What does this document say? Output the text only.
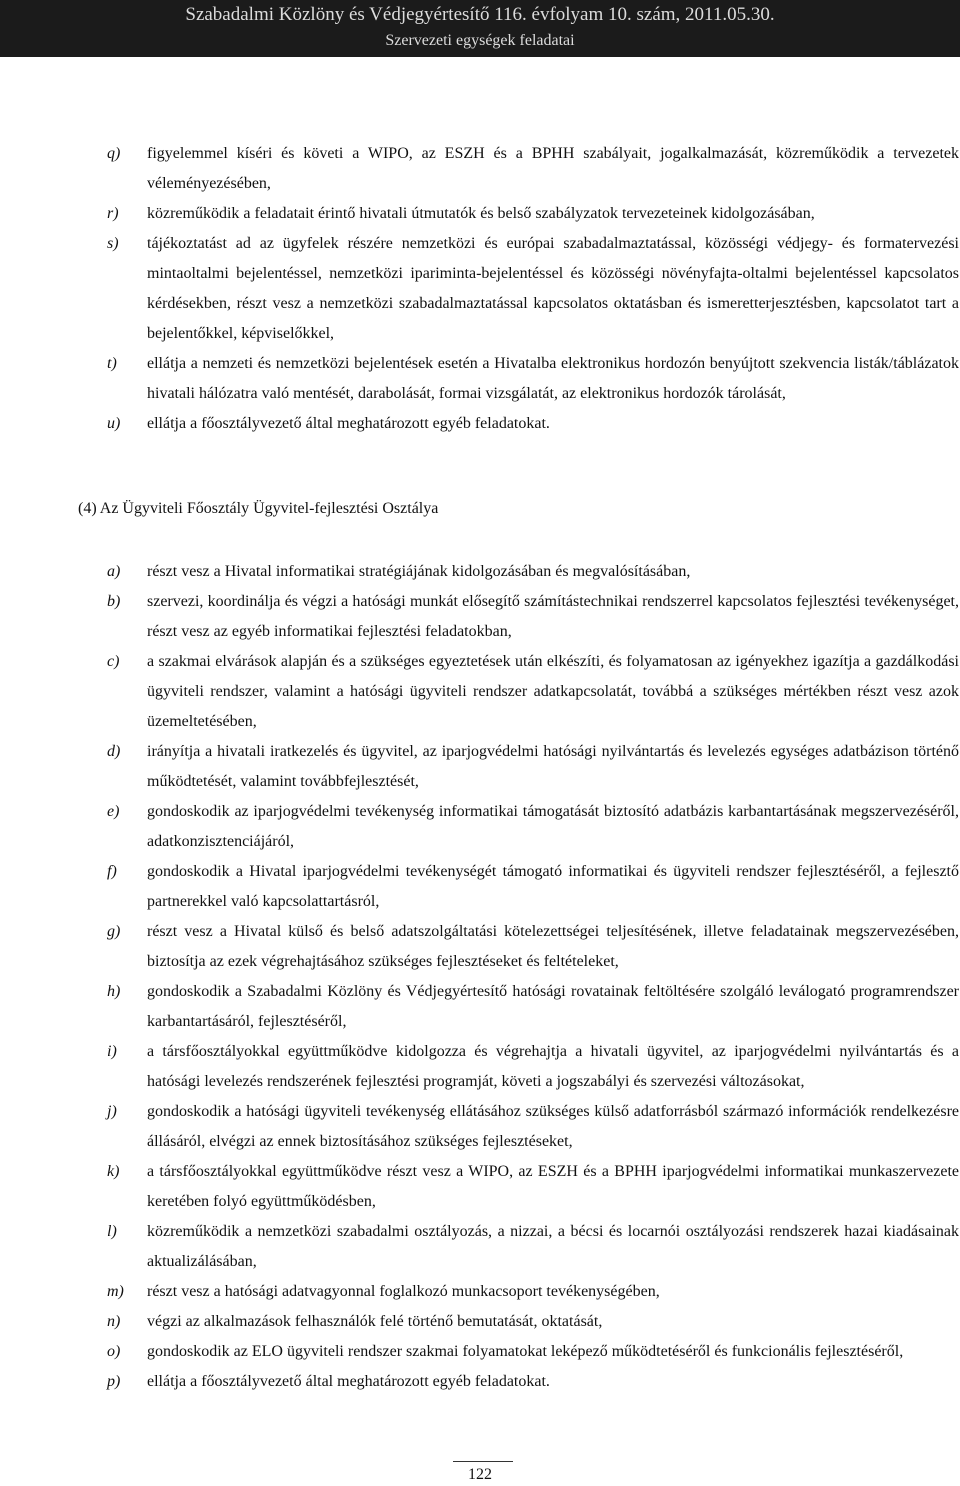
Szabadalmi Közlöny és Védjegyértesítő 116. évfolyam 10. szám, 2011.05.30.
Szervezeti egységek feladatai
q) figyelemmel kíséri és követi a WIPO, az ESZH és a BPHH szabályait, jogalkalmazását, közreműködik a tervezetek véleményezésében,
r) közreműködik a feladatait érintő hivatali útmutatók és belső szabályzatok tervezeteinek kidolgozásában,
s) tájékoztatást ad az ügyfelek részére nemzetközi és európai szabadalmaztatással, közösségi védjegy- és formatervezési mintaoltalmi bejelentéssel, nemzetközi ipariminta-bejelentéssel és közösségi növényfajta-oltalmi bejelentéssel kapcsolatos kérdésekben, részt vesz a nemzetközi szabadalmaztatással kapcsolatos oktatásban és ismeretterjesztésben, kapcsolatot tart a bejelentőkkel, képviselőkkel,
t) ellátja a nemzeti és nemzetközi bejelentések esetén a Hivatalba elektronikus hordozón benyújtott szekvencia listák/táblázatok hivatali hálózatra való mentését, darabolását, formai vizsgálatát, az elektronikus hordozók tárolását,
u) ellátja a főosztályvezető által meghatározott egyéb feladatokat.
(4) Az Ügyviteli Főosztály Ügyvitel-fejlesztési Osztálya
a) részt vesz a Hivatal informatikai stratégiájának kidolgozásában és megvalósításában,
b) szervezi, koordinálja és végzi a hatósági munkát elősegítő számítástechnikai rendszerrel kapcsolatos fejlesztési tevékenységet, részt vesz az egyéb informatikai fejlesztési feladatokban,
c) a szakmai elvárások alapján és a szükséges egyeztetések után elkészíti, és folyamatosan az igényekhez igazítja a gazdálkodási ügyviteli rendszer, valamint a hatósági ügyviteli rendszer adatkapcsolatát, továbbá a szükséges mértékben részt vesz azok üzemeltetésében,
d) irányítja a hivatali iratkezelés és ügyvitel, az iparjogvédelmi hatósági nyilvántartás és levelezés egységes adatbázison történő működtetését, valamint továbbfejlesztését,
e) gondoskodik az iparjogvédelmi tevékenység informatikai támogatását biztosító adatbázis karbantartásának megszervezéséről, adatkonzisztenciájáról,
f) gondoskodik a Hivatal iparjogvédelmi tevékenységét támogató informatikai és ügyviteli rendszer fejlesztéséről, a fejlesztő partnerekkel való kapcsolattartásról,
g) részt vesz a Hivatal külső és belső adatszolgáltatási kötelezettségei teljesítésének, illetve feladatainak megszervezésében, biztosítja az ezek végrehajtásához szükséges fejlesztéseket és feltételeket,
h) gondoskodik a Szabadalmi Közlöny és Védjegyértesítő hatósági rovatainak feltöltésére szolgáló leválogató programrendszer karbantartásáról, fejlesztéséről,
i) a társfőosztályokkal együttműködve kidolgozza és végrehajtja a hivatali ügyvitel, az iparjogvédelmi nyilvántartás és a hatósági levelezés rendszerének fejlesztési programját, követi a jogszabályi és szervezési változásokat,
j) gondoskodik a hatósági ügyviteli tevékenység ellátásához szükséges külső adatforrásból származó információk rendelkezésre állásáról, elvégzi az ennek biztosításához szükséges fejlesztéseket,
k) a társfőosztályokkal együttműködve részt vesz a WIPO, az ESZH és a BPHH iparjogvédelmi informatikai munkaszervezete keretében folyó együttműködésben,
l) közreműködik a nemzetközi szabadalmi osztályozás, a nizzai, a bécsi és locarnói osztályozási rendszerek hazai kiadásainak aktualizálásában,
m) részt vesz a hatósági adatvagyonnal foglalkozó munkacsoport tevékenységében,
n) végzi az alkalmazások felhasználók felé történő bemutatását, oktatását,
o) gondoskodik az ELO ügyviteli rendszer szakmai folyamatokat leképező működtetéséről és funkcionális fejlesztéséről,
p) ellátja a főosztályvezető által meghatározott egyéb feladatokat.
122
